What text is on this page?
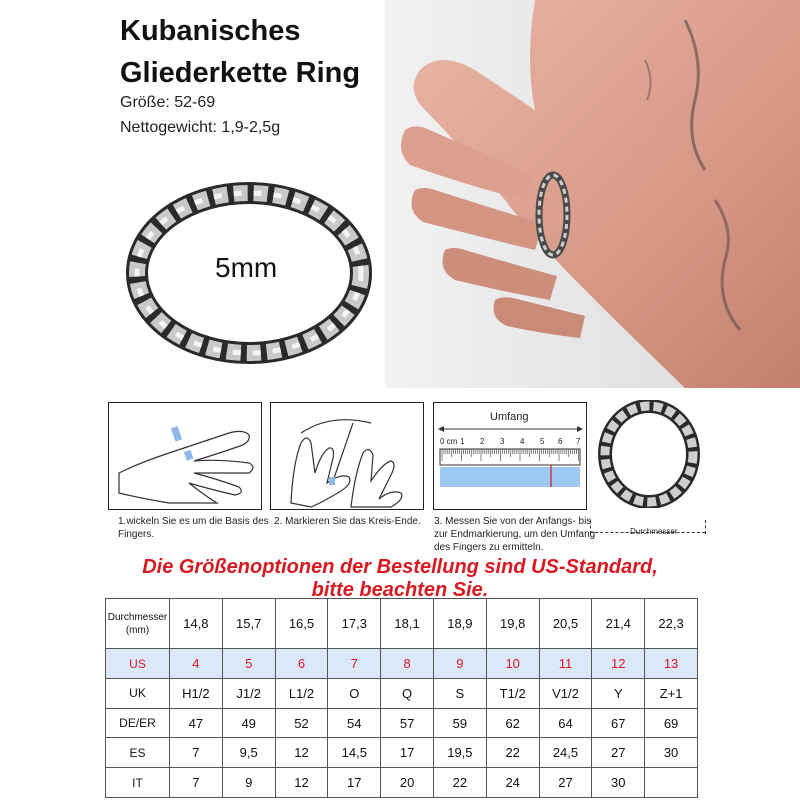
Kubanisches
Gliederkette Ring
Größe: 52-69
Nettogewicht: 1,9-2,5g
5mm
1.wickeln Sie es um die Basis des Fingers.
2. Markieren Sie das Kreis-Ende.
Umfang
0 cm 1 2 3 4 5 6 7
3. Messen Sie von der Anfangs- bis zur Endmarkierung, um den Umfang des Fingers zu ermitteln.
Durchmesser
Die Größenoptionen der Bestellung sind US-Standard,
bitte beachten Sie.
Durchmesser (mm)	14,8	15,7	16,5	17,3	18,1	18,9	19,8	20,5	21,4	22,3
US	4	5	6	7	8	9	10	11	12	13
UK	H1/2	J1/2	L1/2	O	Q	S	T1/2	V1/2	Y	Z+1
DE/ER	47	49	52	54	57	59	62	64	67	69
ES	7	9,5	12	14,5	17	19,5	22	24,5	27	30
IT	7	9	12	17	20	22	24	27	30	
